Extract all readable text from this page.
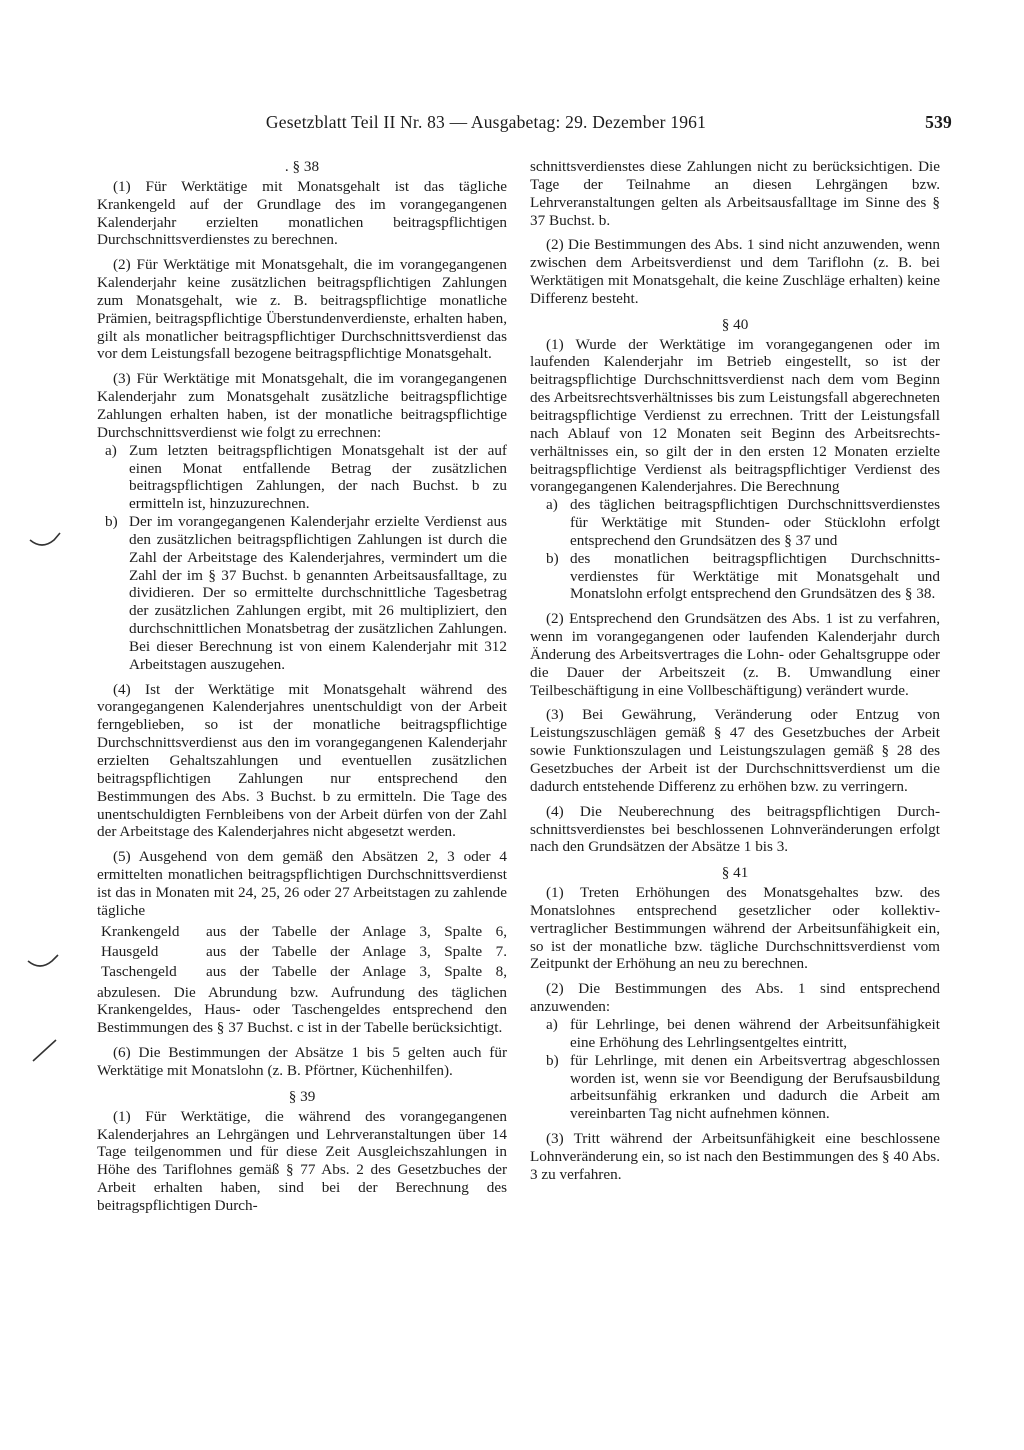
Gesetzblatt Teil II Nr. 83 — Ausgabetag: 29. Dezember 1961	539
. § 38

(1) Für Werktätige mit Monatsgehalt ist das tägliche Krankengeld auf der Grundlage des im vorangegangenen Kalenderjahr erzielten monatlichen beitragspflichtigen Durchschnittsverdienstes zu berechnen.

(2) Für Werktätige mit Monatsgehalt, die im vorangegangenen Kalenderjahr keine zusätzlichen beitragspflichtigen Zahlungen zum Monatsgehalt, wie z. B. beitragspflichtige monatliche Prämien, beitragspflichtige Überstundenverdienste, erhalten haben, gilt als monatlicher beitragspflichtiger Durchschnittsverdienst das vor dem Leistungsfall bezogene beitragspflichtige Monatsgehalt.

(3) Für Werktätige mit Monatsgehalt, die im vorangegangenen Kalenderjahr zum Monatsgehalt zusätzliche beitragspflichtige Zahlungen erhalten haben, ist der monatliche beitragspflichtige Durchschnittsverdienst wie folgt zu errechnen:

a) Zum letzten beitragspflichtigen Monatsgehalt ist der auf einen Monat entfallende Betrag der zusätzlichen beitragspflichtigen Zahlungen, der nach Buchst. b zu ermitteln ist, hinzuzurechnen.
b) Der im vorangegangenen Kalenderjahr erzielte Verdienst aus den zusätzlichen beitragspflichtigen Zahlungen ist durch die Zahl der Arbeitstage des Kalenderjahres, vermindert um die Zahl der im § 37 Buchst. b genannten Arbeitsausfalltage, zu dividieren. Der so ermittelte durchschnittliche Tagesbetrag der zusätzlichen Zahlungen ergibt, mit 26 multipliziert, den durchschnittlichen Monatsbetrag der zusätzlichen Zahlungen. Bei dieser Berechnung ist von einem Kalenderjahr mit 312 Arbeitstagen auszugehen.

(4) Ist der Werktätige mit Monatsgehalt während des vorangegangenen Kalenderjahres unentschuldigt von der Arbeit ferngeblieben, so ist der monatliche beitragspflichtige Durchschnittsverdienst aus den im vorangegangenen Kalenderjahr erzielten Gehaltszahlungen und eventuellen zusätzlichen beitragspflichtigen Zahlungen nur entsprechend den Bestimmungen des Abs. 3 Buchst. b zu ermitteln. Die Tage des unentschuldigten Fernbleibens von der Arbeit dürfen von der Zahl der Arbeitstage des Kalenderjahres nicht abgesetzt werden.

(5) Ausgehend von dem gemäß den Absätzen 2, 3 oder 4 ermittelten monatlichen beitragspflichtigen Durchschnittsverdienst ist das in Monaten mit 24, 25, 26 oder 27 Arbeitstagen zu zahlende tägliche

Krankengeld	aus der Tabelle der Anlage 3, Spalte 6,
Hausgeld	aus der Tabelle der Anlage 3, Spalte 7.
Taschengeld	aus der Tabelle der Anlage 3, Spalte 8,

abzulesen. Die Abrundung bzw. Aufrundung des täglichen Krankengeldes, Haus- oder Taschengeldes entsprechend den Bestimmungen des § 37 Buchst. c ist in der Tabelle berücksichtigt.

(6) Die Bestimmungen der Absätze 1 bis 5 gelten auch für Werktätige mit Monatslohn (z. B. Pförtner, Küchenhilfen).

§ 39

(1) Für Werktätige, die während des vorangegangenen Kalenderjahres an Lehrgängen und Lehrveranstaltungen über 14 Tage teilgenommen und für diese Zeit Ausgleichszahlungen in Höhe des Tariflohnes gemäß § 77 Abs. 2 des Gesetzbuches der Arbeit erhalten haben, sind bei der Berechnung des beitragspflichtigen Durch-

schnittsverdienstes diese Zahlungen nicht zu berücksichtigen. Die Tage der Teilnahme an diesen Lehrgängen bzw. Lehrveranstaltungen gelten als Arbeitsausfalltage im Sinne des § 37 Buchst. b.

(2) Die Bestimmungen des Abs. 1 sind nicht anzuwenden, wenn zwischen dem Arbeitsverdienst und dem Tariflohn (z. B. bei Werktätigen mit Monatsgehalt, die keine Zuschläge erhalten) keine Differenz besteht.

§ 40

(1) Wurde der Werktätige im vorangegangenen oder im laufenden Kalenderjahr im Betrieb eingestellt, so ist der beitragspflichtige Durchschnittsverdienst nach dem vom Beginn des Arbeitsrechtsverhältnisses bis zum Leistungsfall abgerechneten beitragspflichtige Verdienst zu errechnen. Tritt der Leistungsfall nach Ablauf von 12 Monaten seit Beginn des Arbeitsrechtsverhältnisses ein, so gilt der in den ersten 12 Monaten erzielte beitragspflichtige Verdienst als beitragspflichtiger Verdienst des vorangegangenen Kalenderjahres. Die Berechnung

a) des täglichen beitragspflichtigen Durchschnittsverdienstes für Werktätige mit Stunden- oder Stücklohn erfolgt entsprechend den Grundsätzen des § 37 und
b) des monatlichen beitragspflichtigen Durchschnittsverdienstes für Werktätige mit Monatsgehalt und Monatslohn erfolgt entsprechend den Grundsätzen des § 38.

(2) Entsprechend den Grundsätzen des Abs. 1 ist zu verfahren, wenn im vorangegangenen oder laufenden Kalenderjahr durch Änderung des Arbeitsvertrages die Lohn- oder Gehaltsgruppe oder die Dauer der Arbeitszeit (z. B. Umwandlung einer Teilbeschäftigung in eine Vollbeschäftigung) verändert wurde.

(3) Bei Gewährung, Veränderung oder Entzug von Leistungszuschlägen gemäß § 47 des Gesetzbuches der Arbeit sowie Funktionszulagen und Leistungszulagen gemäß § 28 des Gesetzbuches der Arbeit ist der Durchschnittsverdienst um die dadurch entstehende Differenz zu erhöhen bzw. zu verringern.

(4) Die Neuberechnung des beitragspflichtigen Durchschnittsverdienstes bei beschlossenen Lohnveränderungen erfolgt nach den Grundsätzen der Absätze 1 bis 3.

§ 41

(1) Treten Erhöhungen des Monatsgehaltes bzw. des Monatslohnes entsprechend gesetzlicher oder kollektivvertraglicher Bestimmungen während der Arbeitsunfähigkeit ein, so ist der monatliche bzw. tägliche Durchschnittsverdienst vom Zeitpunkt der Erhöhung an neu zu berechnen.

(2) Die Bestimmungen des Abs. 1 sind entsprechend anzuwenden:

a) für Lehrlinge, bei denen während der Arbeitsunfähigkeit eine Erhöhung des Lehrlingsentgeltes eintritt,
b) für Lehrlinge, mit denen ein Arbeitsvertrag abgeschlossen worden ist, wenn sie vor Beendigung der Berufsausbildung arbeitsunfähig erkranken und dadurch die Arbeit am vereinbarten Tag nicht aufnehmen können.

(3) Tritt während der Arbeitsunfähigkeit eine beschlossene Lohnveränderung ein, so ist nach den Bestimmungen des § 40 Abs. 3 zu verfahren.
